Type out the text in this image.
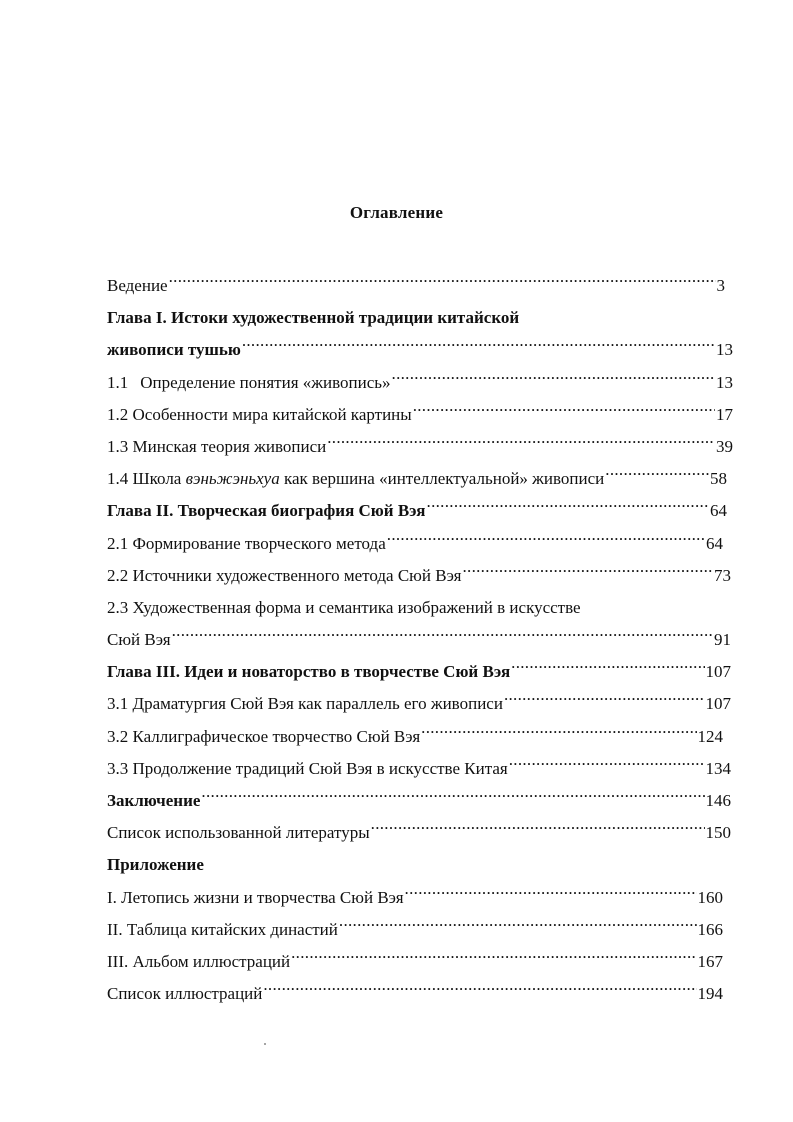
Оглавление
Ведение .....	3
Глава I. Истоки художественной традиции китайской
живописи тушью .....	13
1.1 Определение понятия «живопись» .....	13
1.2 Особенности мира китайской картины .....	17
1.3 Минская теория живописи .....	39
1.4 Школа вэньжэньхуа как вершина «интеллектуальной» живописи .....	58
Глава II. Творческая биография Сюй Вэя .....	64
2.1 Формирование творческого метода .....	64
2.2 Источники художественного метода Сюй Вэя .....	73
2.3 Художественная форма и семантика изображений в искусстве
Сюй Вэя .....	91
Глава III. Идеи и новаторство в творчестве Сюй Вэя .....	107
3.1 Драматургия Сюй Вэя как параллель его живописи .....	107
3.2 Каллиграфическое творчество Сюй Вэя .....	124
3.3 Продолжение традиций Сюй Вэя в искусстве Китая .....	134
Заключение .....	146
Список использованной литературы .....	150
Приложение
I. Летопись жизни и творчества Сюй Вэя .....	160
II. Таблица китайских династий .....	166
III. Альбом иллюстраций .....	167
Список иллюстраций .....	194
